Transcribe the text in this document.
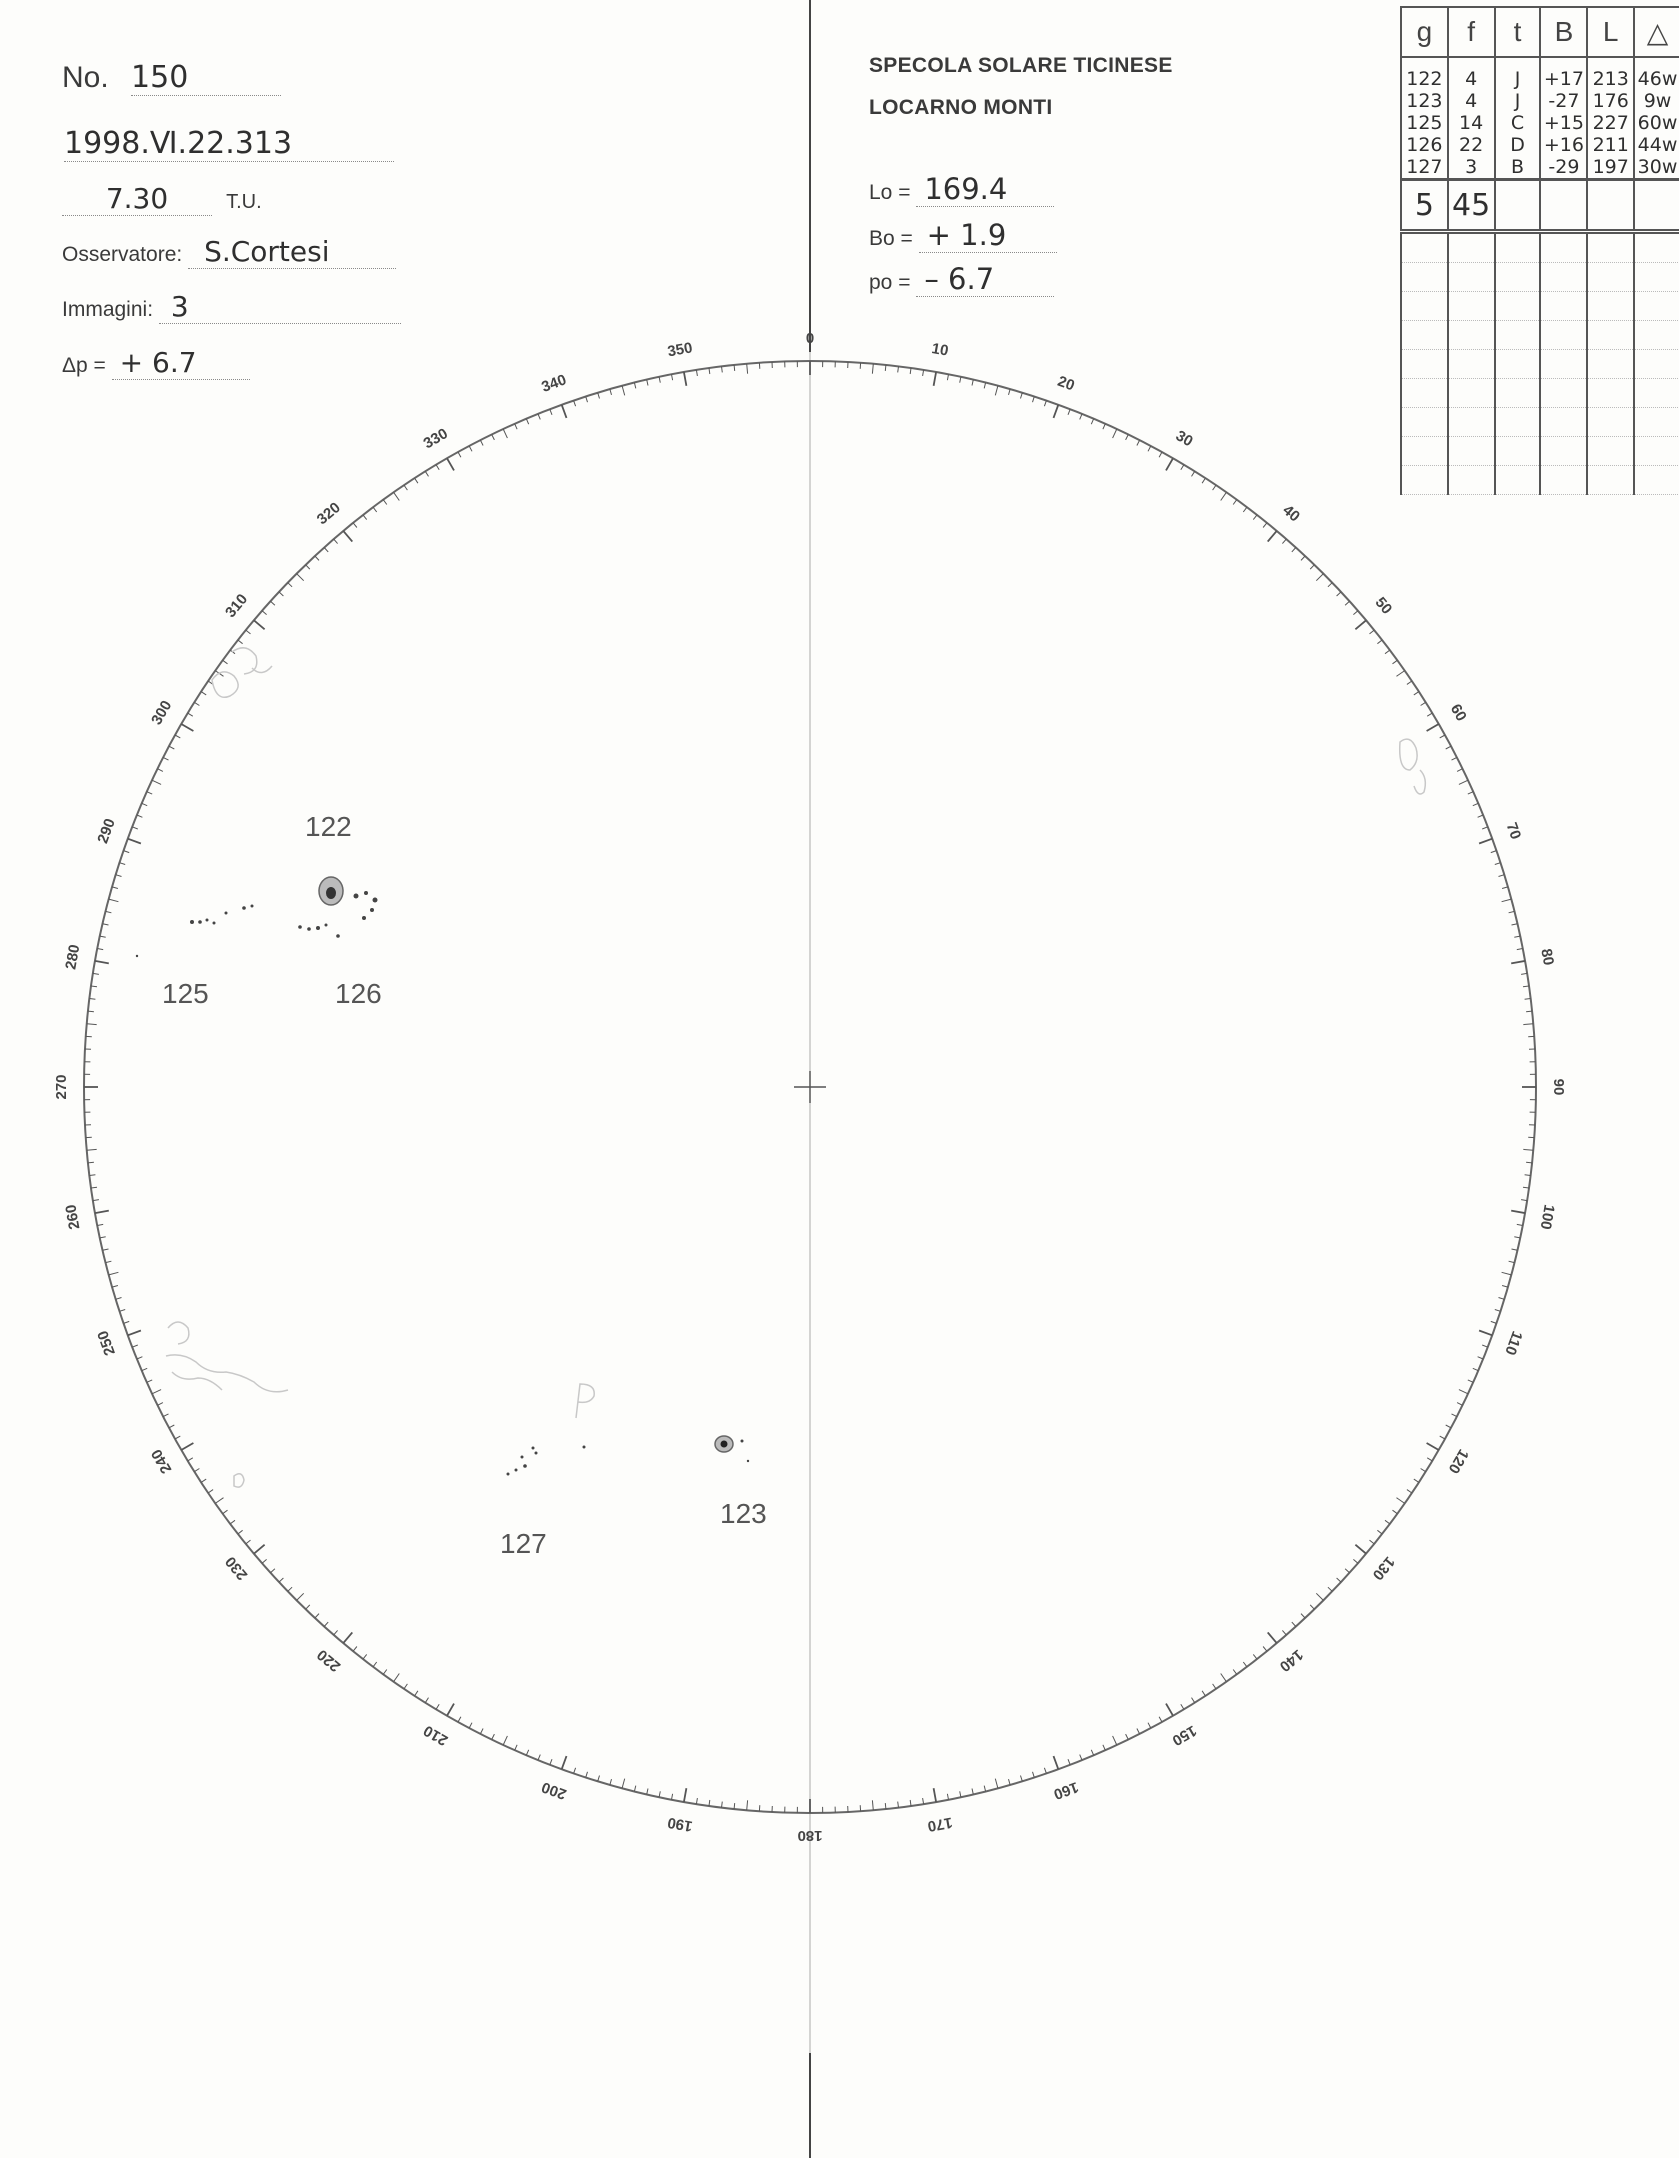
No. 150
1998.Ⅵ.22.313
7.30	T.U.
Osservatore: S.Cortesi
Immagini: 3
Δp = + 6.7
SPECOLA SOLARE TICINESE
LOCARNO MONTI
Lo = 169.4
Bo = + 1.9
po = – 6.7
g	f	t	B	L	△
122	4	J	+17	213	46w
123	4	J	-27	176	9w
125	14	C	+15	227	60w
126	22	D	+16	211	44w
127	3	B	-29	197	30w
5	45				

0
10
20
30
40
50
60
70
80
90
100
110
120
130
140
150
160
170
180
190
200
210
220
230
240
250
260
270
280
290
300
310
320
330
340
350
122
125	126
127
123
